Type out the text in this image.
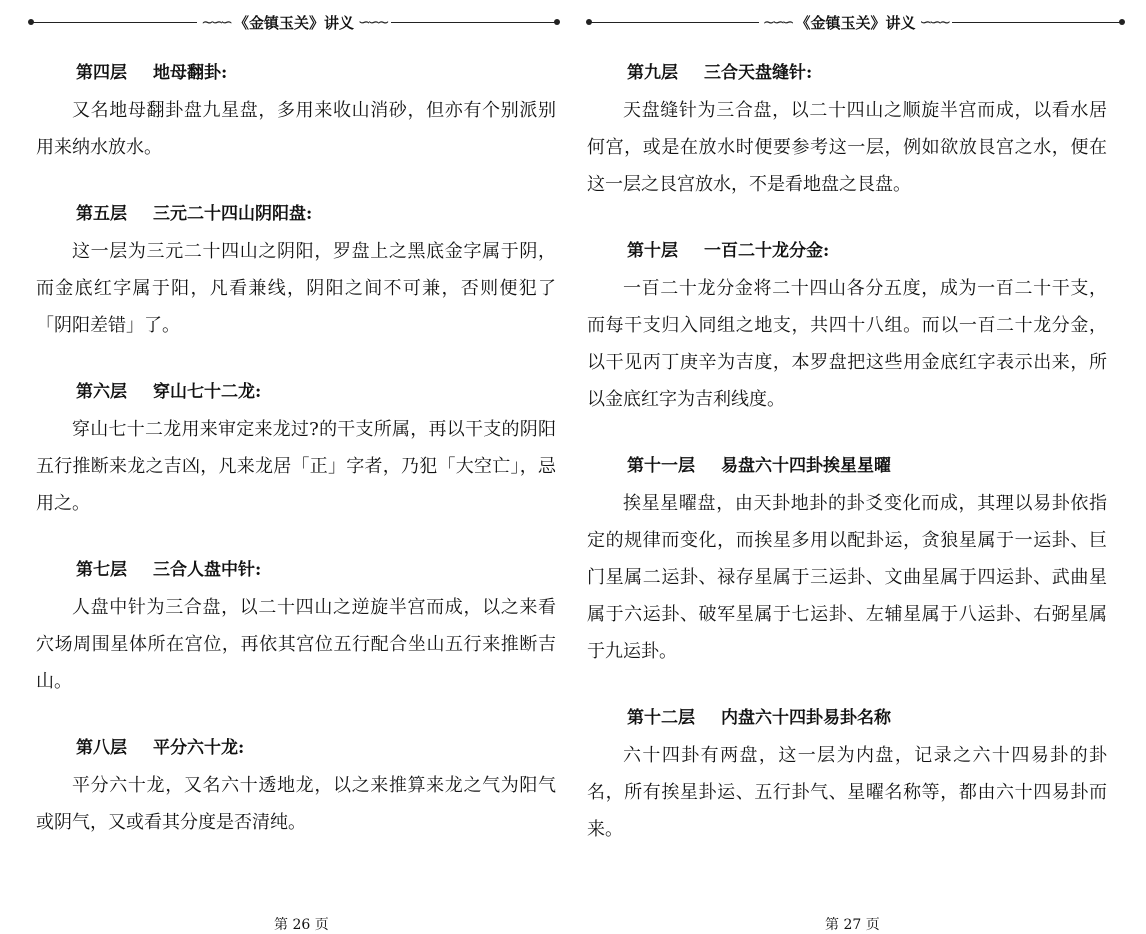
~∽∽ 《金镇玉关》讲义 ∽∽~
第四层 地母翻卦:

又名地母翻卦盘九星盘，多用来收山消砂，但亦有个别派别用来纳水放水。

第五层 三元二十四山阴阳盘:

这一层为三元二十四山之阴阳，罗盘上之黑底金字属于阴，而金底红字属于阳，凡看兼线，阴阳之间不可兼，否则便犯了「阴阳差错」了。

第六层 穿山七十二龙:

穿山七十二龙用来审定来龙过?的干支所属，再以干支的阴阳五行推断来龙之吉凶，凡来龙居「正」字者，乃犯「大空亡」，忌用之。

第七层 三合人盘中针:

人盘中针为三合盘，以二十四山之逆旋半宫而成，以之来看穴场周围星体所在宫位，再依其宫位五行配合坐山五行来推断吉山。

第八层 平分六十龙:

平分六十龙，又名六十透地龙，以之来推算来龙之气为阳气或阴气，又或看其分度是否清纯。

第 26 页
~∽∽ 《金镇玉关》讲义 ∽∽~
第九层 三合天盘缝针:

天盘缝针为三合盘，以二十四山之顺旋半宫而成，以看水居何宫，或是在放水时便要参考这一层，例如欲放艮宫之水，便在这一层之艮宫放水，不是看地盘之艮盘。

第十层 一百二十龙分金:

一百二十龙分金将二十四山各分五度，成为一百二十干支，而每干支归入同组之地支，共四十八组。而以一百二十龙分金，以干见丙丁庚辛为吉度，本罗盘把这些用金底红字表示出来，所以金底红字为吉利线度。

第十一层 易盘六十四卦挨星星曜

挨星星曜盘，由天卦地卦的卦爻变化而成，其理以易卦依指定的规律而变化，而挨星多用以配卦运，贪狼星属于一运卦、巨门星属二运卦、禄存星属于三运卦、文曲星属于四运卦、武曲星属于六运卦、破军星属于七运卦、左辅星属于八运卦、右弼星属于九运卦。

第十二层 内盘六十四卦易卦名称

六十四卦有两盘，这一层为内盘，记录之六十四易卦的卦名，所有挨星卦运、五行卦气、星曜名称等，都由六十四易卦而来。

第 27 页
